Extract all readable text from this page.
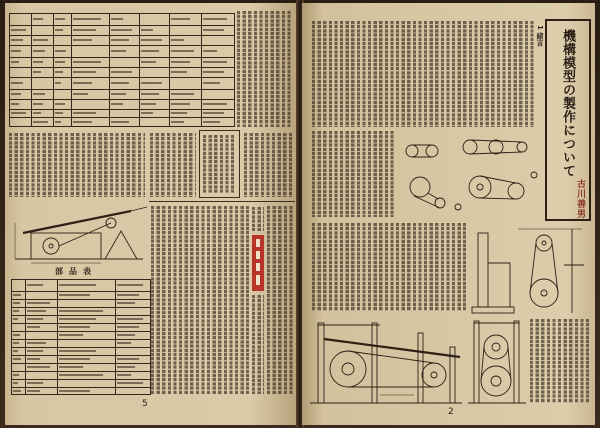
部品表
5
1 緒言 機構模型の製作について
古川善男
2
